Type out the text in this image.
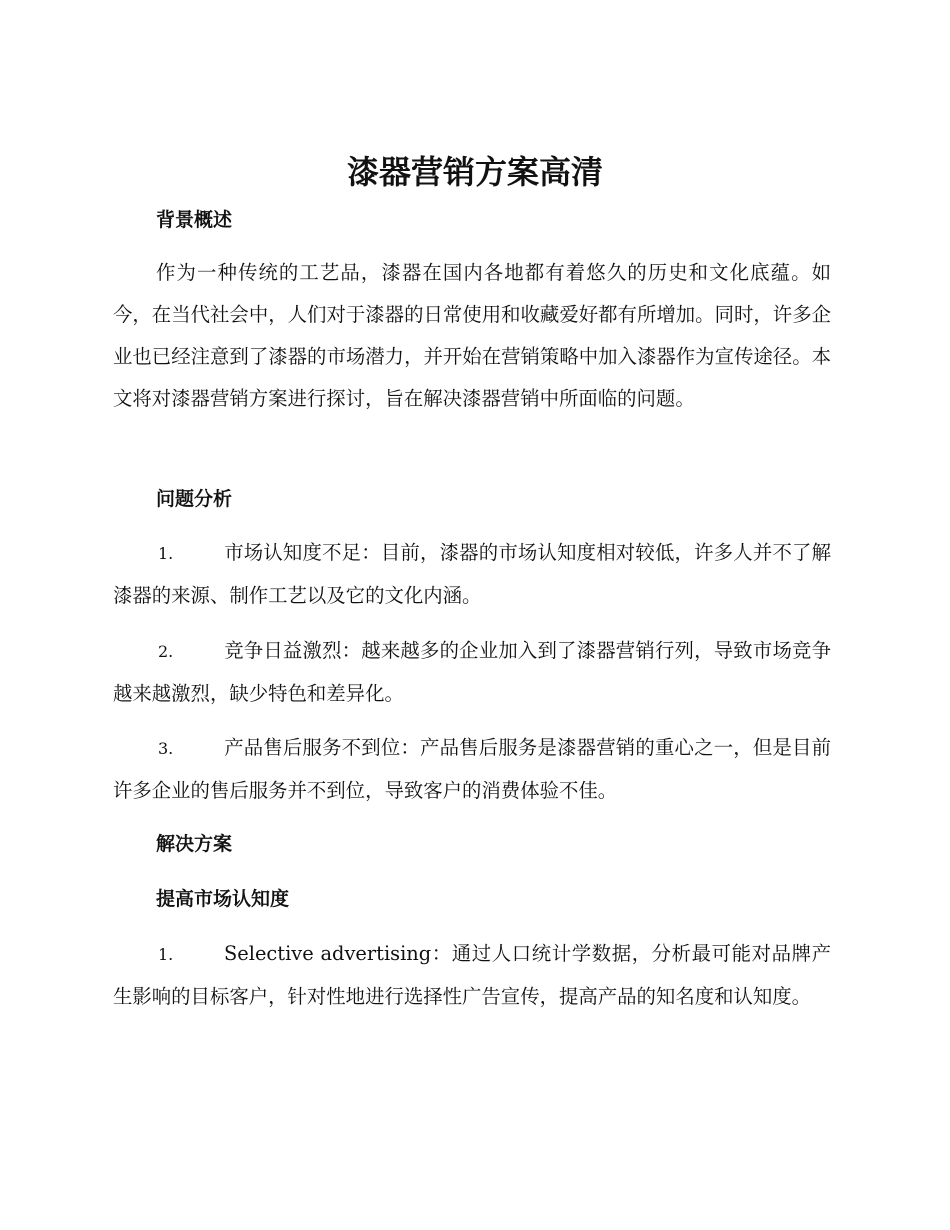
漆器营销方案高清
背景概述

作为一种传统的工艺品，漆器在国内各地都有着悠久的历史和文化底蕴。如今，在当代社会中，人们对于漆器的日常使用和收藏爱好都有所增加。同时，许多企业也已经注意到了漆器的市场潜力，并开始在营销策略中加入漆器作为宣传途径。本文将对漆器营销方案进行探讨，旨在解决漆器营销中所面临的问题。

问题分析

1.	市场认知度不足：目前，漆器的市场认知度相对较低，许多人并不了解漆器的来源、制作工艺以及它的文化内涵。

2.	竞争日益激烈：越来越多的企业加入到了漆器营销行列，导致市场竞争越来越激烈，缺少特色和差异化。

3.	产品售后服务不到位：产品售后服务是漆器营销的重心之一，但是目前许多企业的售后服务并不到位，导致客户的消费体验不佳。

解决方案
提高市场认知度

1.	Selective advertising：通过人口统计学数据，分析最可能对品牌产生影响的目标客户，针对性地进行选择性广告宣传，提高产品的知名度和认知度。
